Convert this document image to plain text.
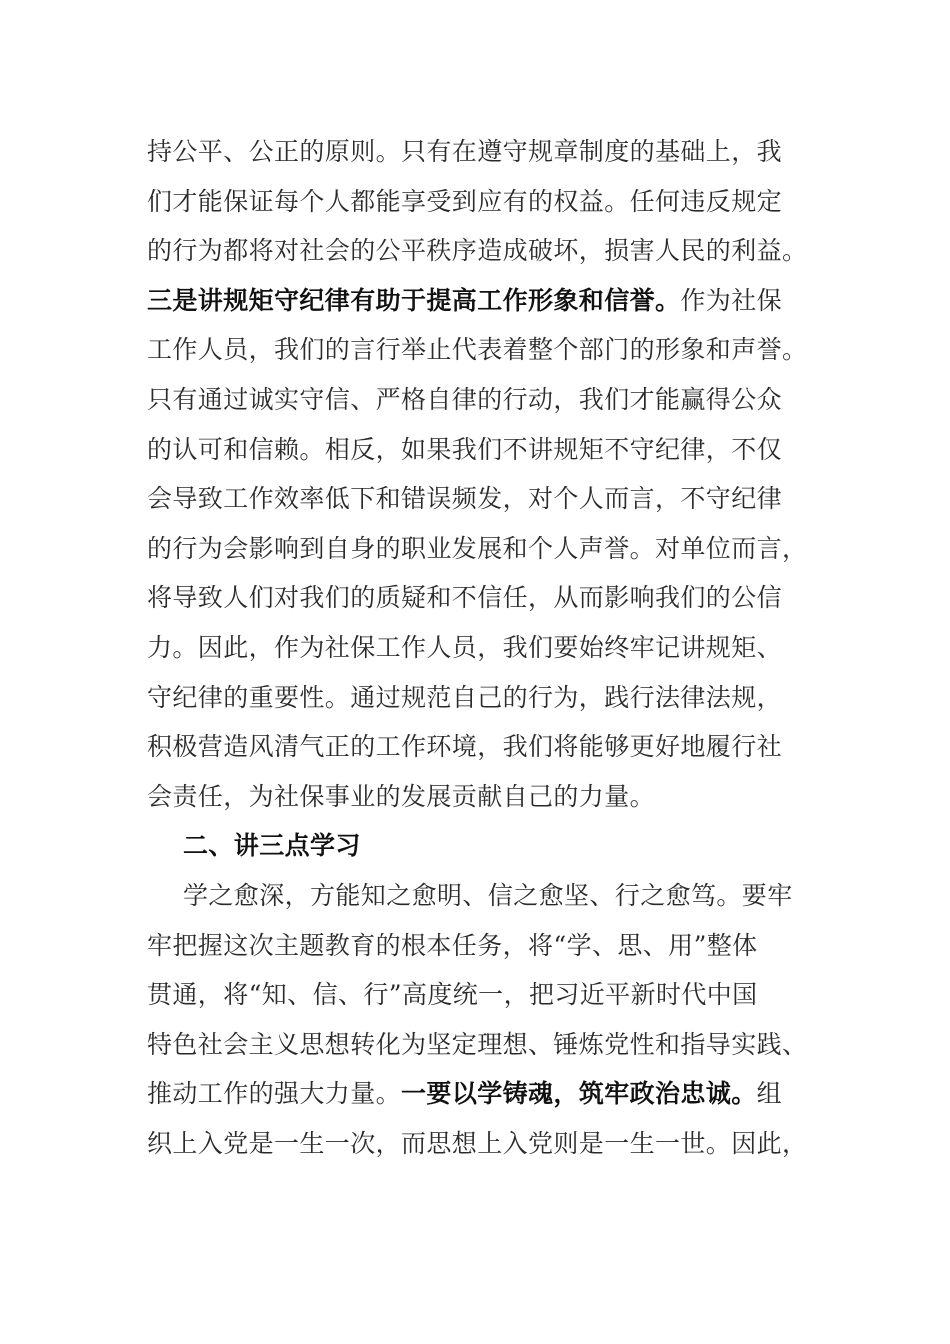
持公平、公正的原则。只有在遵守规章制度的基础上，我
们才能保证每个人都能享受到应有的权益。任何违反规定
的行为都将对社会的公平秩序造成破坏，损害人民的利益。
三是讲规矩守纪律有助于提高工作形象和信誉。作为社保
工作人员，我们的言行举止代表着整个部门的形象和声誉。
只有通过诚实守信、严格自律的行动，我们才能赢得公众
的认可和信赖。相反，如果我们不讲规矩不守纪律，不仅
会导致工作效率低下和错误频发，对个人而言，不守纪律
的行为会影响到自身的职业发展和个人声誉。对单位而言，
将导致人们对我们的质疑和不信任，从而影响我们的公信
力。因此，作为社保工作人员，我们要始终牢记讲规矩、
守纪律的重要性。通过规范自己的行为，践行法律法规，
积极营造风清气正的工作环境，我们将能够更好地履行社
会责任，为社保事业的发展贡献自己的力量。
二、讲三点学习
学之愈深，方能知之愈明、信之愈坚、行之愈笃。要牢
牢把握这次主题教育的根本任务，将“学、思、用”整体
贯通，将“知、信、行”高度统一，把习近平新时代中国
特色社会主义思想转化为坚定理想、锤炼党性和指导实践、
推动工作的强大力量。一要以学铸魂，筑牢政治忠诚。组
织上入党是一生一次，而思想上入党则是一生一世。因此，
